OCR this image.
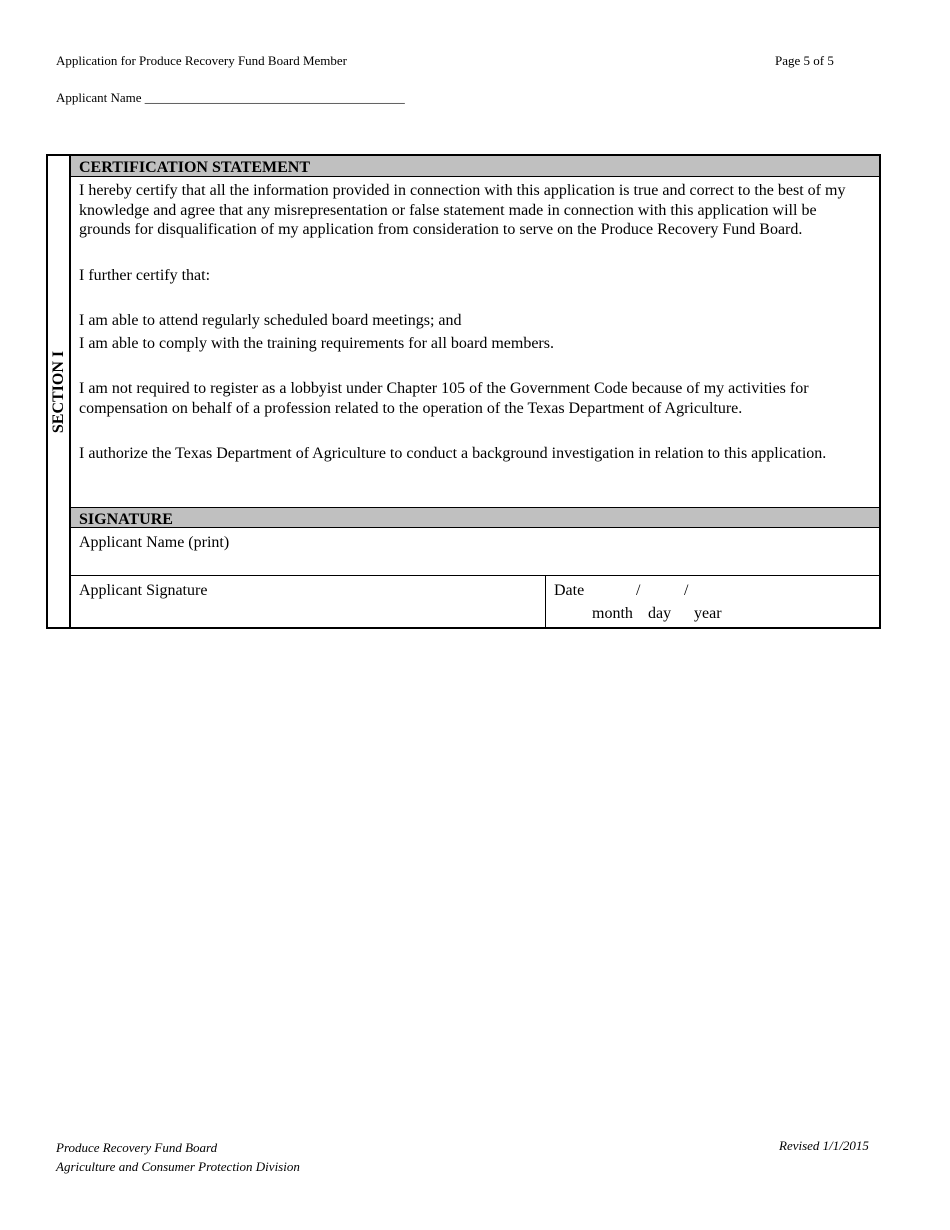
Application for Produce Recovery Fund Board Member	Page 5 of 5
Applicant Name ________________________________________
SECTION I
CERTIFICATION STATEMENT

I hereby certify that all the information provided in connection with this application is true and correct to the best of my knowledge and agree that any misrepresentation or false statement made in connection with this application will be grounds for disqualification of my application from consideration to serve on the Produce Recovery Fund Board.

I further certify that:

I am able to attend regularly scheduled board meetings; and

I am able to comply with the training requirements for all board members.

I am not required to register as a lobbyist under Chapter 105 of the Government Code because of my activities for compensation on behalf of a profession related to the operation of the Texas Department of Agriculture.

I authorize the Texas Department of Agriculture to conduct a background investigation in relation to this application.

SIGNATURE
Applicant Name (print)
Applicant Signature	Date	/	/
month day year
Produce Recovery Fund Board
Agriculture and Consumer Protection Division
Revised 1/1/2015
